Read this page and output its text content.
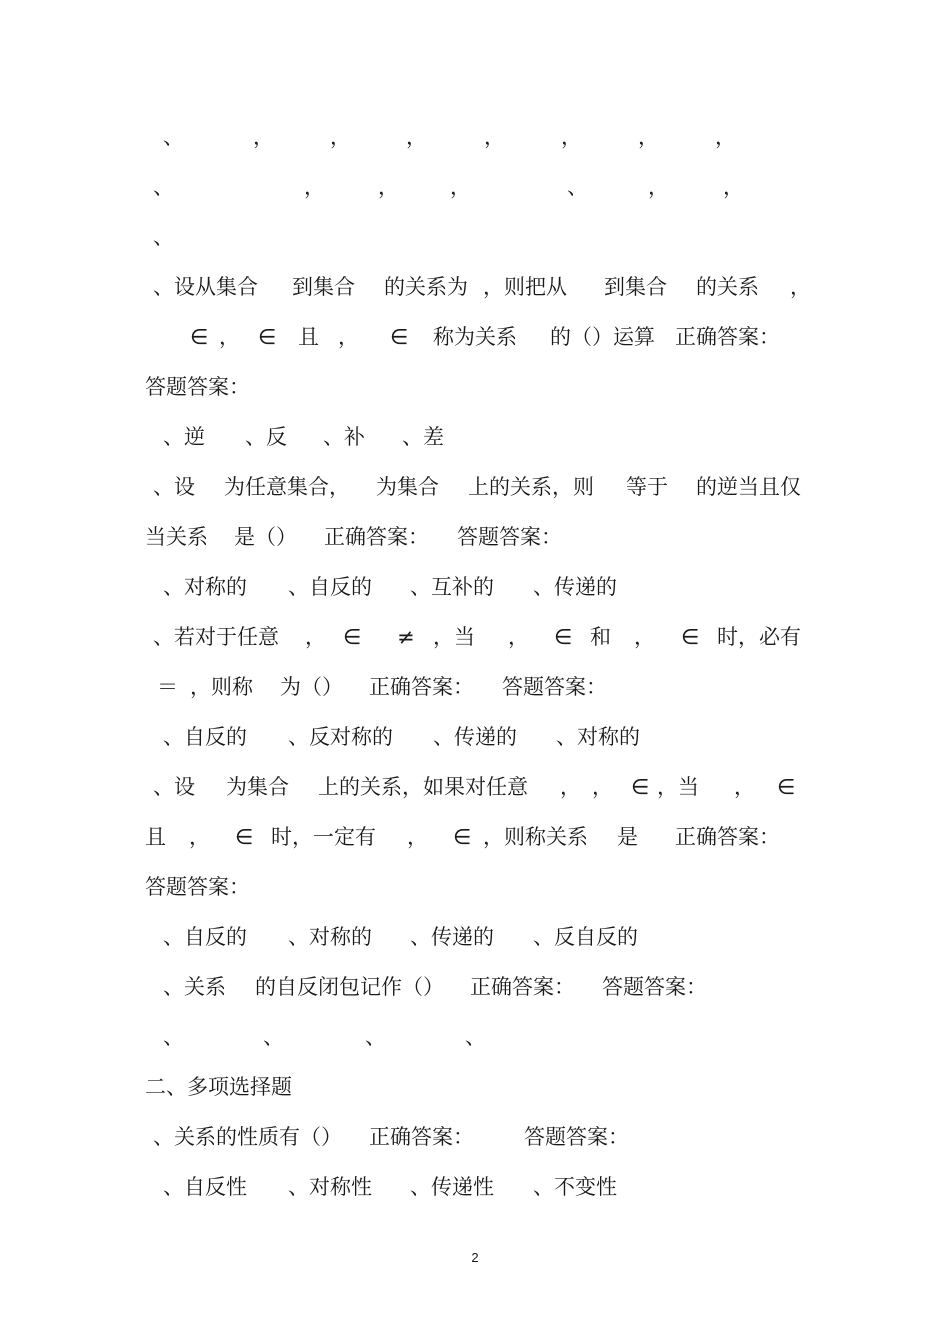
、	，	，	，	，	，	，	，
、	，	， ，	、	，	，
、
、设从集合 到集合 的关系为 ，则把从 到集合 的关系 ，
∈ ， ∈ 且 ， ∈ 称为关系 的（）运算 正确答案：
答题答案：
、逆 、反 、补 、差
、设 为任意集合， 为集合 上的关系，则 等于 的逆当且仅
当关系 是（） 正确答案： 答题答案：
、对称的 、自反的 、互补的 、传递的
、若对于任意 ， ∈ ≠ ，当 ， ∈ 和 ， ∈ 时，必有
＝ ，则称 为（） 正确答案： 答题答案：
、自反的 、反对称的 、传递的 、对称的
、设 为集合 上的关系，如果对任意 ， ， ∈ ，当 ， ∈
且 ， ∈ 时，一定有 ， ∈ ，则称关系 是 正确答案：
答题答案：
、自反的 、对称的 、传递的 、反自反的
、关系 的自反闭包记作（） 正确答案： 答题答案：
、	、	、	、
二、多项选择题
、关系的性质有（） 正确答案： 答题答案：
、自反性 、对称性 、传递性 、不变性
2
